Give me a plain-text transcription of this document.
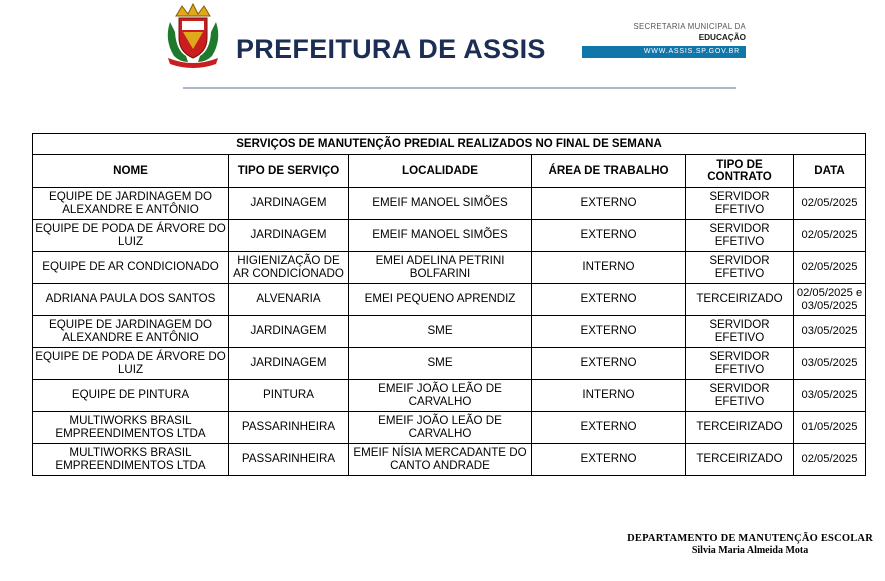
PREFEITURA DE ASSIS
SECRETARIA MUNICIPAL DA
EDUCAÇÃO
WWW.ASSIS.SP.GOV.BR
SERVIÇOS DE MANUTENÇÃO PREDIAL REALIZADOS NO FINAL DE SEMANA					
NOME	TIPO DE SERVIÇO	LOCALIDADE	ÁREA DE TRABALHO	TIPO DE CONTRATO	DATA
EQUIPE DE JARDINAGEM DO ALEXANDRE E ANTÔNIO	JARDINAGEM	EMEIF MANOEL SIMÕES	EXTERNO	SERVIDOR EFETIVO	02/05/2025
EQUIPE DE PODA DE ÁRVORE DO LUIZ	JARDINAGEM	EMEIF MANOEL SIMÕES	EXTERNO	SERVIDOR EFETIVO	02/05/2025
EQUIPE DE AR CONDICIONADO	HIGIENIZAÇÃO DE AR CONDICIONADO	EMEI ADELINA PETRINI BOLFARINI	INTERNO	SERVIDOR EFETIVO	02/05/2025
ADRIANA PAULA DOS SANTOS	ALVENARIA	EMEI PEQUENO APRENDIZ	EXTERNO	TERCEIRIZADO	02/05/2025 e 03/05/2025
EQUIPE DE JARDINAGEM DO ALEXANDRE E ANTÔNIO	JARDINAGEM	SME	EXTERNO	SERVIDOR EFETIVO	03/05/2025
EQUIPE DE PODA DE ÁRVORE DO LUIZ	JARDINAGEM	SME	EXTERNO	SERVIDOR EFETIVO	03/05/2025
EQUIPE DE PINTURA	PINTURA	EMEIF JOÃO LEÃO DE CARVALHO	INTERNO	SERVIDOR EFETIVO	03/05/2025
MULTIWORKS BRASIL EMPREENDIMENTOS LTDA	PASSARINHEIRA	EMEIF JOÃO LEÃO DE CARVALHO	EXTERNO	TERCEIRIZADO	01/05/2025
MULTIWORKS BRASIL EMPREENDIMENTOS LTDA	PASSARINHEIRA	EMEIF NÍSIA MERCADANTE DO CANTO ANDRADE	EXTERNO	TERCEIRIZADO	02/05/2025
DEPARTAMENTO DE MANUTENÇÃO ESCOLAR
Silvia Maria Almeida Mota
